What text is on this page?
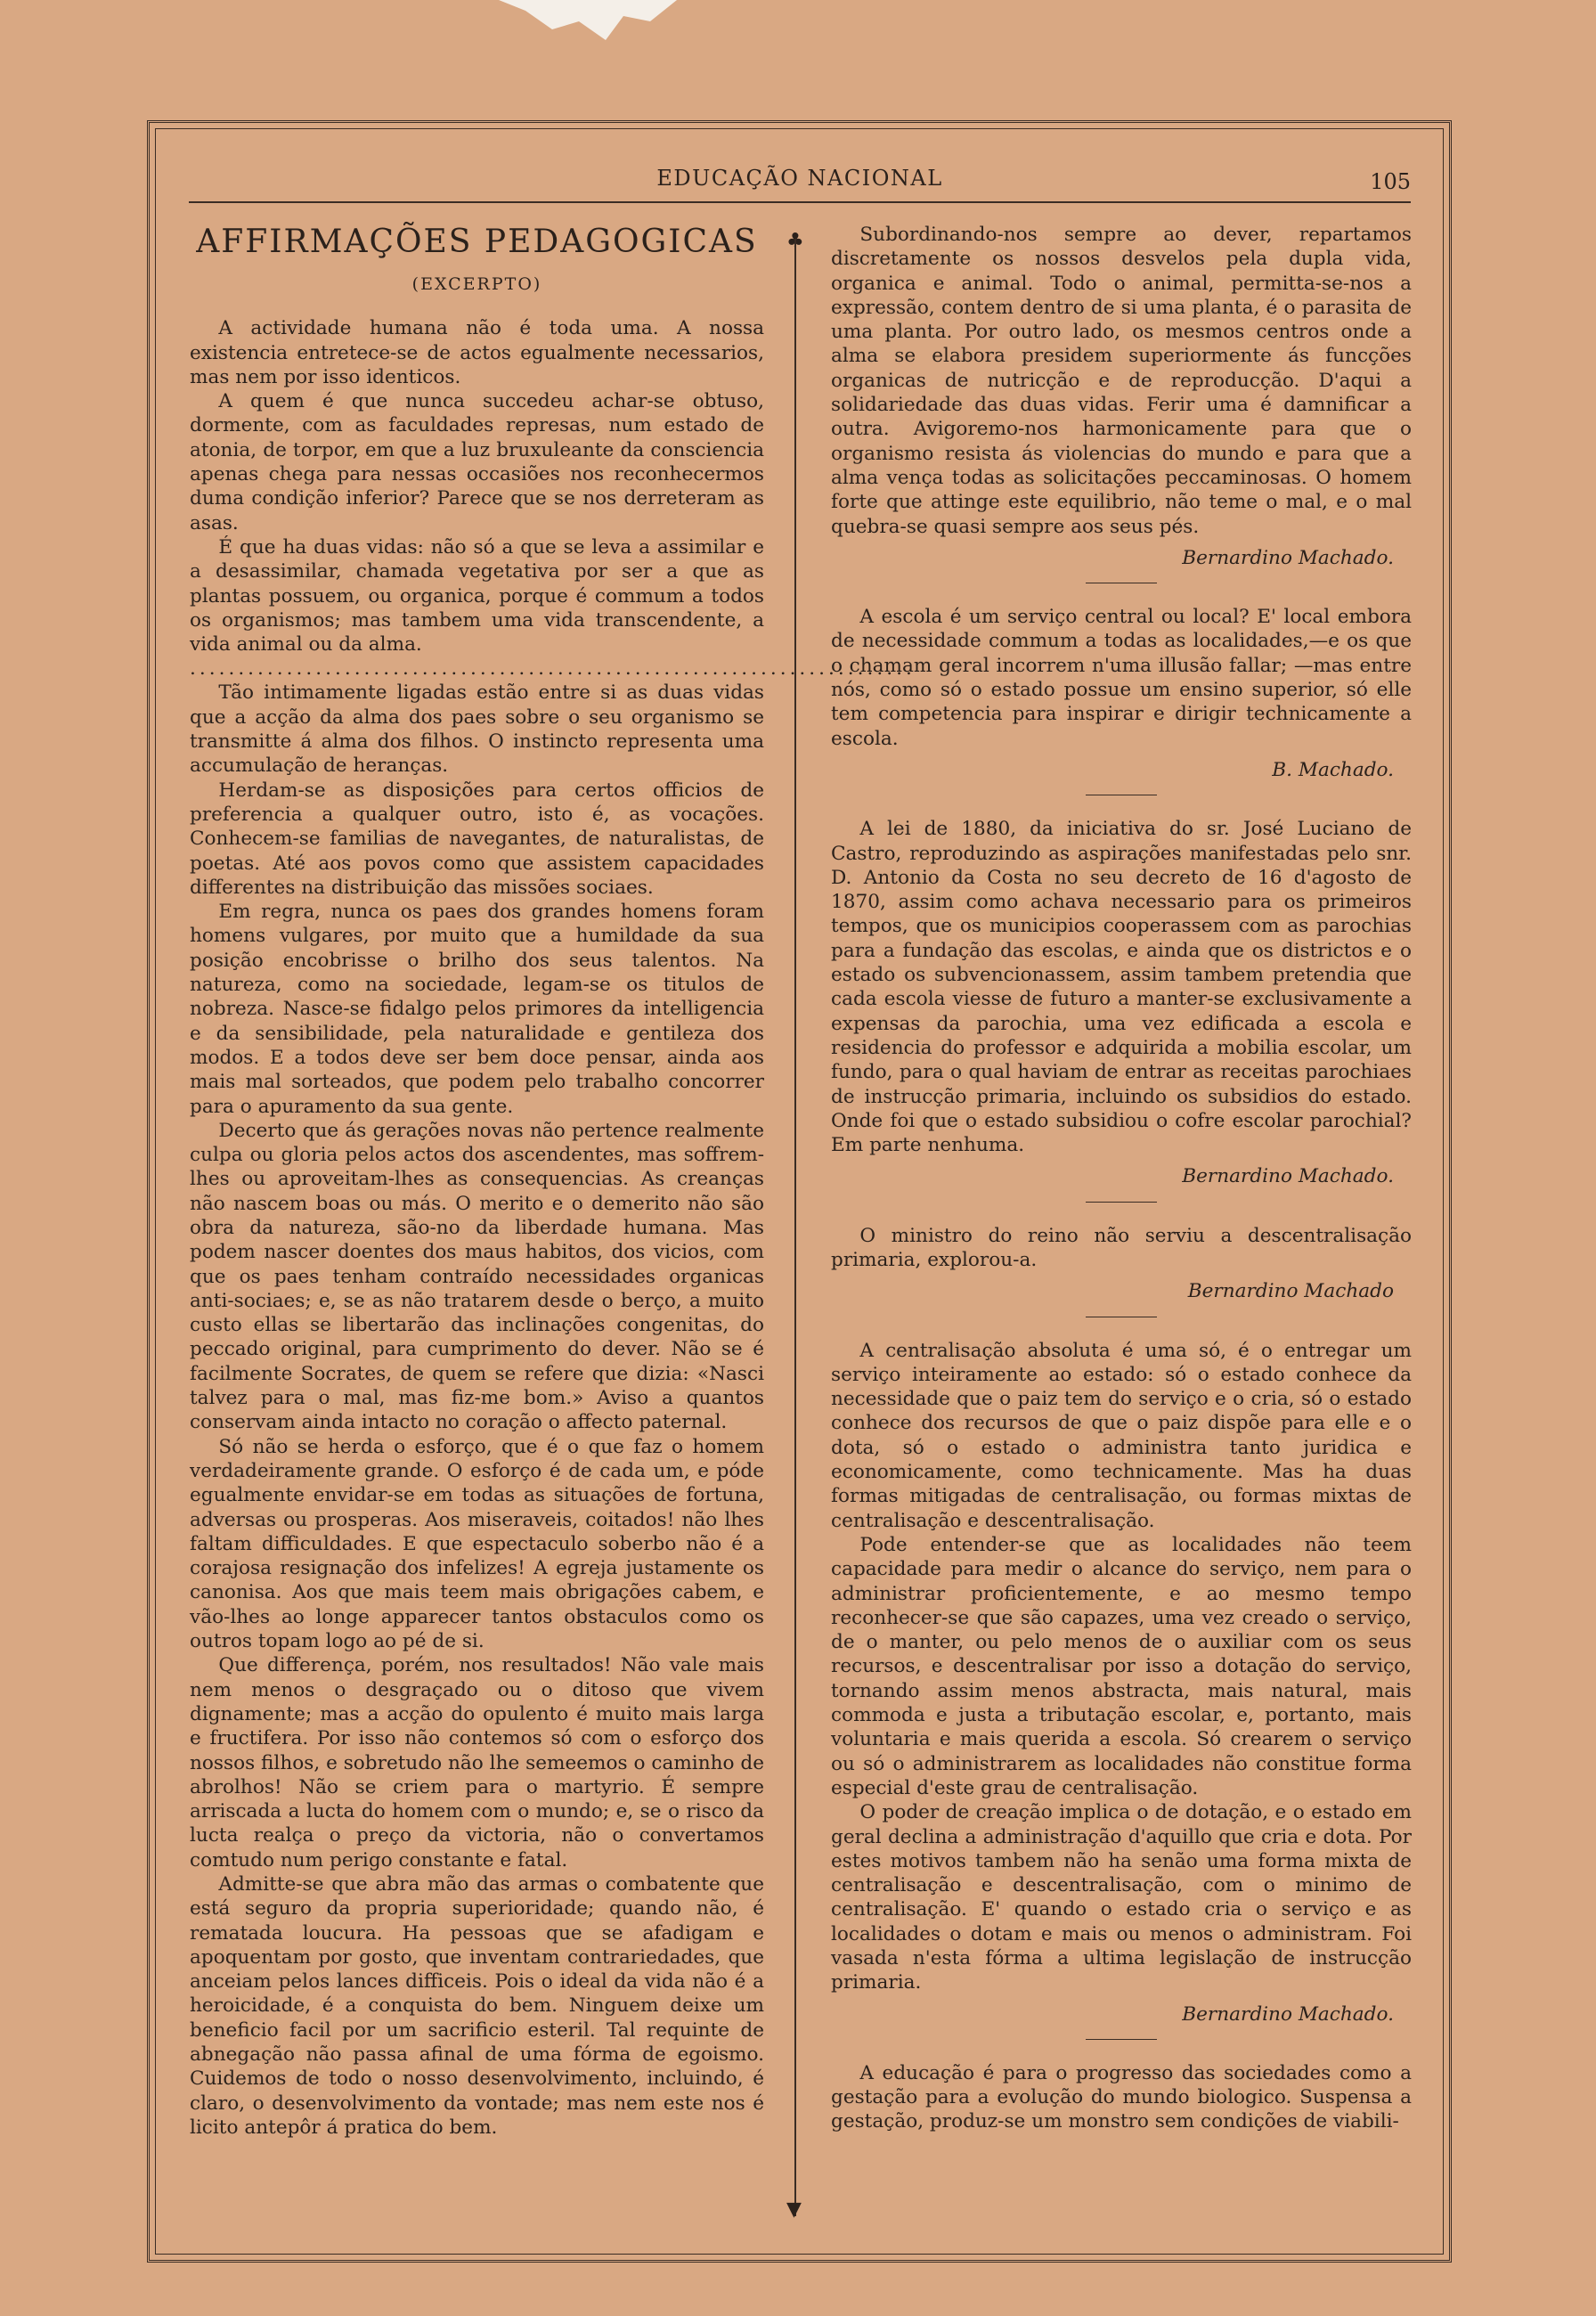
EDUCAÇÃO NACIONAL	105
♣
▼
AFFIRMAÇÕES PEDAGOGICAS
(EXCERPTO)

A actividade humana não é toda uma. A nossa existencia entretece-se de actos egualmente necessarios, mas nem por isso identicos.

A quem é que nunca succedeu achar-se obtuso, dormente, com as faculdades represas, num estado de atonia, de torpor, em que a luz bruxuleante da consciencia apenas chega para nessas occasiões nos reconhecermos duma condição inferior? Parece que se nos derreteram as asas.

É que ha duas vidas: não só a que se leva a assimilar e a desassimilar, chamada vegetativa por ser a que as plantas possuem, ou organica, porque é commum a todos os organismos; mas tambem uma vida transcendente, a vida animal ou da alma.

...........................................................................

Tão intimamente ligadas estão entre si as duas vidas que a acção da alma dos paes sobre o seu organismo se transmitte á alma dos filhos. O instincto representa uma accumulação de heranças.

Herdam-se as disposições para certos officios de preferencia a qualquer outro, isto é, as vocações. Conhecem-se familias de navegantes, de naturalistas, de poetas. Até aos povos como que assistem capacidades differentes na distribuição das missões sociaes.

Em regra, nunca os paes dos grandes homens foram homens vulgares, por muito que a humildade da sua posição encobrisse o brilho dos seus talentos. Na natureza, como na sociedade, legam-se os titulos de nobreza. Nasce-se fidalgo pelos primores da intelligencia e da sensibilidade, pela naturalidade e gentileza dos modos. E a todos deve ser bem doce pensar, ainda aos mais mal sorteados, que podem pelo trabalho concorrer para o apuramento da sua gente.

Decerto que ás gerações novas não pertence realmente culpa ou gloria pelos actos dos ascendentes, mas soffrem-lhes ou aproveitam-lhes as consequencias. As creanças não nascem boas ou más. O merito e o demerito não são obra da natureza, são-no da liberdade humana. Mas podem nascer doentes dos maus habitos, dos vicios, com que os paes tenham contraído necessidades organicas anti-sociaes; e, se as não tratarem desde o berço, a muito custo ellas se libertarão das inclinações congenitas, do peccado original, para cumprimento do dever. Não se é facilmente Socrates, de quem se refere que dizia: «Nasci talvez para o mal, mas fiz-me bom.» Aviso a quantos conservam ainda intacto no coração o affecto paternal.

Só não se herda o esforço, que é o que faz o homem verdadeiramente grande. O esforço é de cada um, e póde egualmente envidar-se em todas as situações de fortuna, adversas ou prosperas. Aos miseraveis, coitados! não lhes faltam difficuldades. E que espectaculo soberbo não é a corajosa resignação dos infelizes! A egreja justamente os canonisa. Aos que mais teem mais obrigações cabem, e vão-lhes ao longe apparecer tantos obstaculos como os outros topam logo ao pé de si.

Que differença, porém, nos resultados! Não vale mais nem menos o desgraçado ou o ditoso que vivem dignamente; mas a acção do opulento é muito mais larga e fructifera. Por isso não contemos só com o esforço dos nossos filhos, e sobretudo não lhe semeemos o caminho de abrolhos! Não se criem para o martyrio. É sempre arriscada a lucta do homem com o mundo; e, se o risco da lucta realça o preço da victoria, não o convertamos comtudo num perigo constante e fatal.

Admitte-se que abra mão das armas o combatente que está seguro da propria superioridade; quando não, é rematada loucura. Ha pessoas que se afadigam e apoquentam por gosto, que inventam contrariedades, que anceiam pelos lances difficeis. Pois o ideal da vida não é a heroicidade, é a conquista do bem. Ninguem deixe um beneficio facil por um sacrificio esteril. Tal requinte de abnegação não passa afinal de uma fórma de egoismo. Cuidemos de todo o nosso desenvolvimento, incluindo, é claro, o desenvolvimento da vontade; mas nem este nos é licito antepôr á pratica do bem.

Subordinando-nos sempre ao dever, repartamos discretamente os nossos desvelos pela dupla vida, organica e animal. Todo o animal, permitta-se-nos a expressão, contem dentro de si uma planta, é o parasita de uma planta. Por outro lado, os mesmos centros onde a alma se elabora presidem superiormente ás funcções organicas de nutricção e de reproducção. D'aqui a solidariedade das duas vidas. Ferir uma é damnificar a outra. Avigoremo-nos harmonicamente para que o organismo resista ás violencias do mundo e para que a alma vença todas as solicitações peccaminosas. O homem forte que attinge este equilibrio, não teme o mal, e o mal quebra-se quasi sempre aos seus pés.

Bernardino Machado.

A escola é um serviço central ou local? E' local embora de necessidade commum a todas as localidades,—e os que o chamam geral incorrem n'uma illusão fallar; —mas entre nós, como só o estado possue um ensino superior, só elle tem competencia para inspirar e dirigir technicamente a escola.

B. Machado.

A lei de 1880, da iniciativa do sr. José Luciano de Castro, reproduzindo as aspirações manifestadas pelo snr. D. Antonio da Costa no seu decreto de 16 d'agosto de 1870, assim como achava necessario para os primeiros tempos, que os municipios cooperassem com as parochias para a fundação das escolas, e ainda que os districtos e o estado os subvencionassem, assim tambem pretendia que cada escola viesse de futuro a manter-se exclusivamente a expensas da parochia, uma vez edificada a escola e residencia do professor e adquirida a mobilia escolar, um fundo, para o qual haviam de entrar as receitas parochiaes de instrucção primaria, incluindo os subsidios do estado. Onde foi que o estado subsidiou o cofre escolar parochial? Em parte nenhuma.

Bernardino Machado.

O ministro do reino não serviu a descentralisação primaria, explorou-a.

Bernardino Machado

A centralisação absoluta é uma só, é o entregar um serviço inteiramente ao estado: só o estado conhece da necessidade que o paiz tem do serviço e o cria, só o estado conhece dos recursos de que o paiz dispõe para elle e o dota, só o estado o administra tanto juridica e economicamente, como technicamente. Mas ha duas formas mitigadas de centralisação, ou formas mixtas de centralisação e descentralisação.

Pode entender-se que as localidades não teem capacidade para medir o alcance do serviço, nem para o administrar proficientemente, e ao mesmo tempo reconhecer-se que são capazes, uma vez creado o serviço, de o manter, ou pelo menos de o auxiliar com os seus recursos, e descentralisar por isso a dotação do serviço, tornando assim menos abstracta, mais natural, mais commoda e justa a tributação escolar, e, portanto, mais voluntaria e mais querida a escola. Só crearem o serviço ou só o administrarem as localidades não constitue forma especial d'este grau de centralisação.

O poder de creação implica o de dotação, e o estado em geral declina a administração d'aquillo que cria e dota. Por estes motivos tambem não ha senão uma forma mixta de centralisação e descentralisação, com o minimo de centralisação. E' quando o estado cria o serviço e as localidades o dotam e mais ou menos o administram. Foi vasada n'esta fórma a ultima legislação de instrucção primaria.

Bernardino Machado.

A educação é para o progresso das sociedades como a gestação para a evolução do mundo biologico. Suspensa a gestação, produz-se um monstro sem condições de viabili-
